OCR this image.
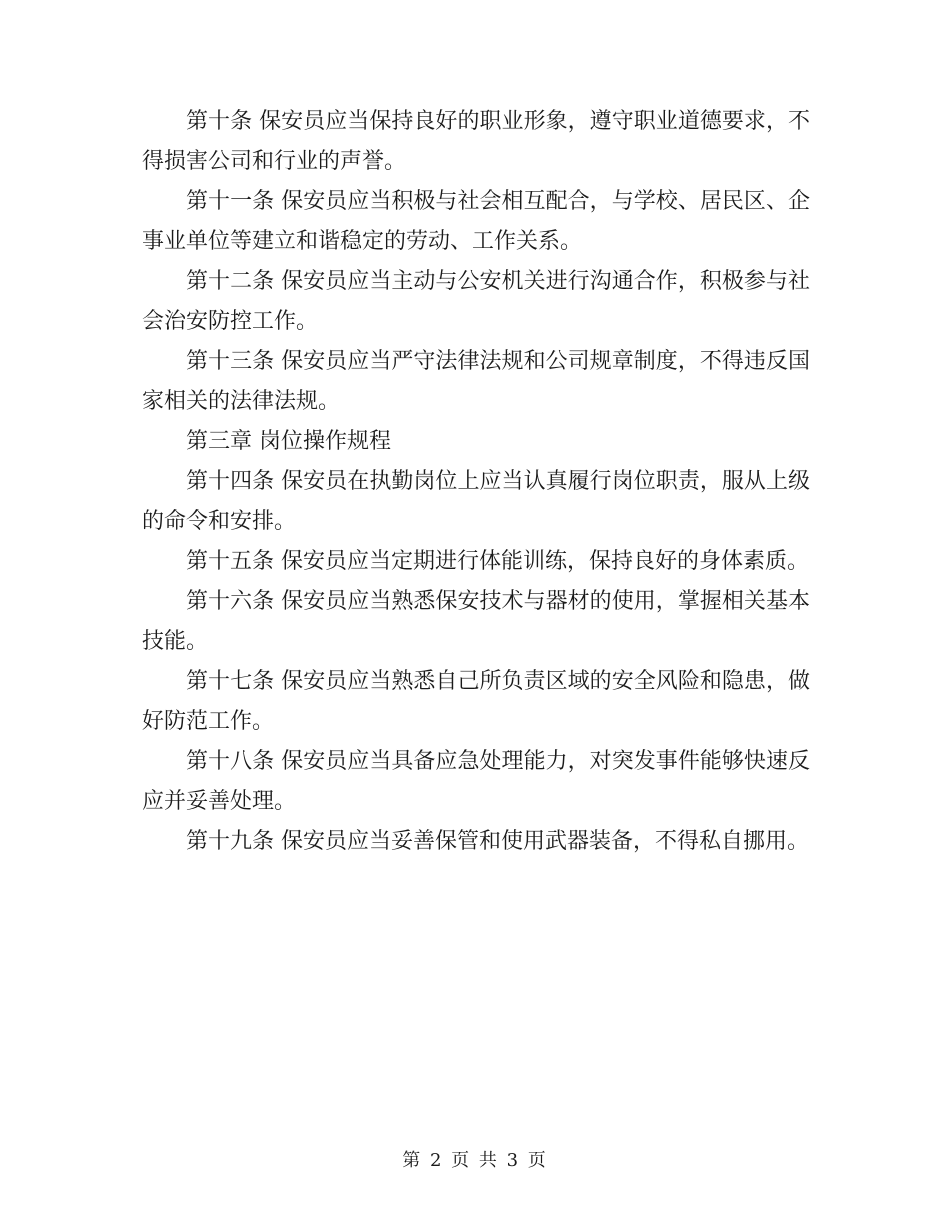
第十条 保安员应当保持良好的职业形象，遵守职业道德要求，不得损害公司和行业的声誉。

第十一条 保安员应当积极与社会相互配合，与学校、居民区、企事业单位等建立和谐稳定的劳动、工作关系。

第十二条 保安员应当主动与公安机关进行沟通合作，积极参与社会治安防控工作。

第十三条 保安员应当严守法律法规和公司规章制度，不得违反国家相关的法律法规。

第三章 岗位操作规程

第十四条 保安员在执勤岗位上应当认真履行岗位职责，服从上级的命令和安排。

第十五条 保安员应当定期进行体能训练，保持良好的身体素质。

第十六条 保安员应当熟悉保安技术与器材的使用，掌握相关基本技能。

第十七条 保安员应当熟悉自己所负责区域的安全风险和隐患，做好防范工作。

第十八条 保安员应当具备应急处理能力，对突发事件能够快速反应并妥善处理。

第十九条 保安员应当妥善保管和使用武器装备，不得私自挪用。

第 2 页 共 3 页
